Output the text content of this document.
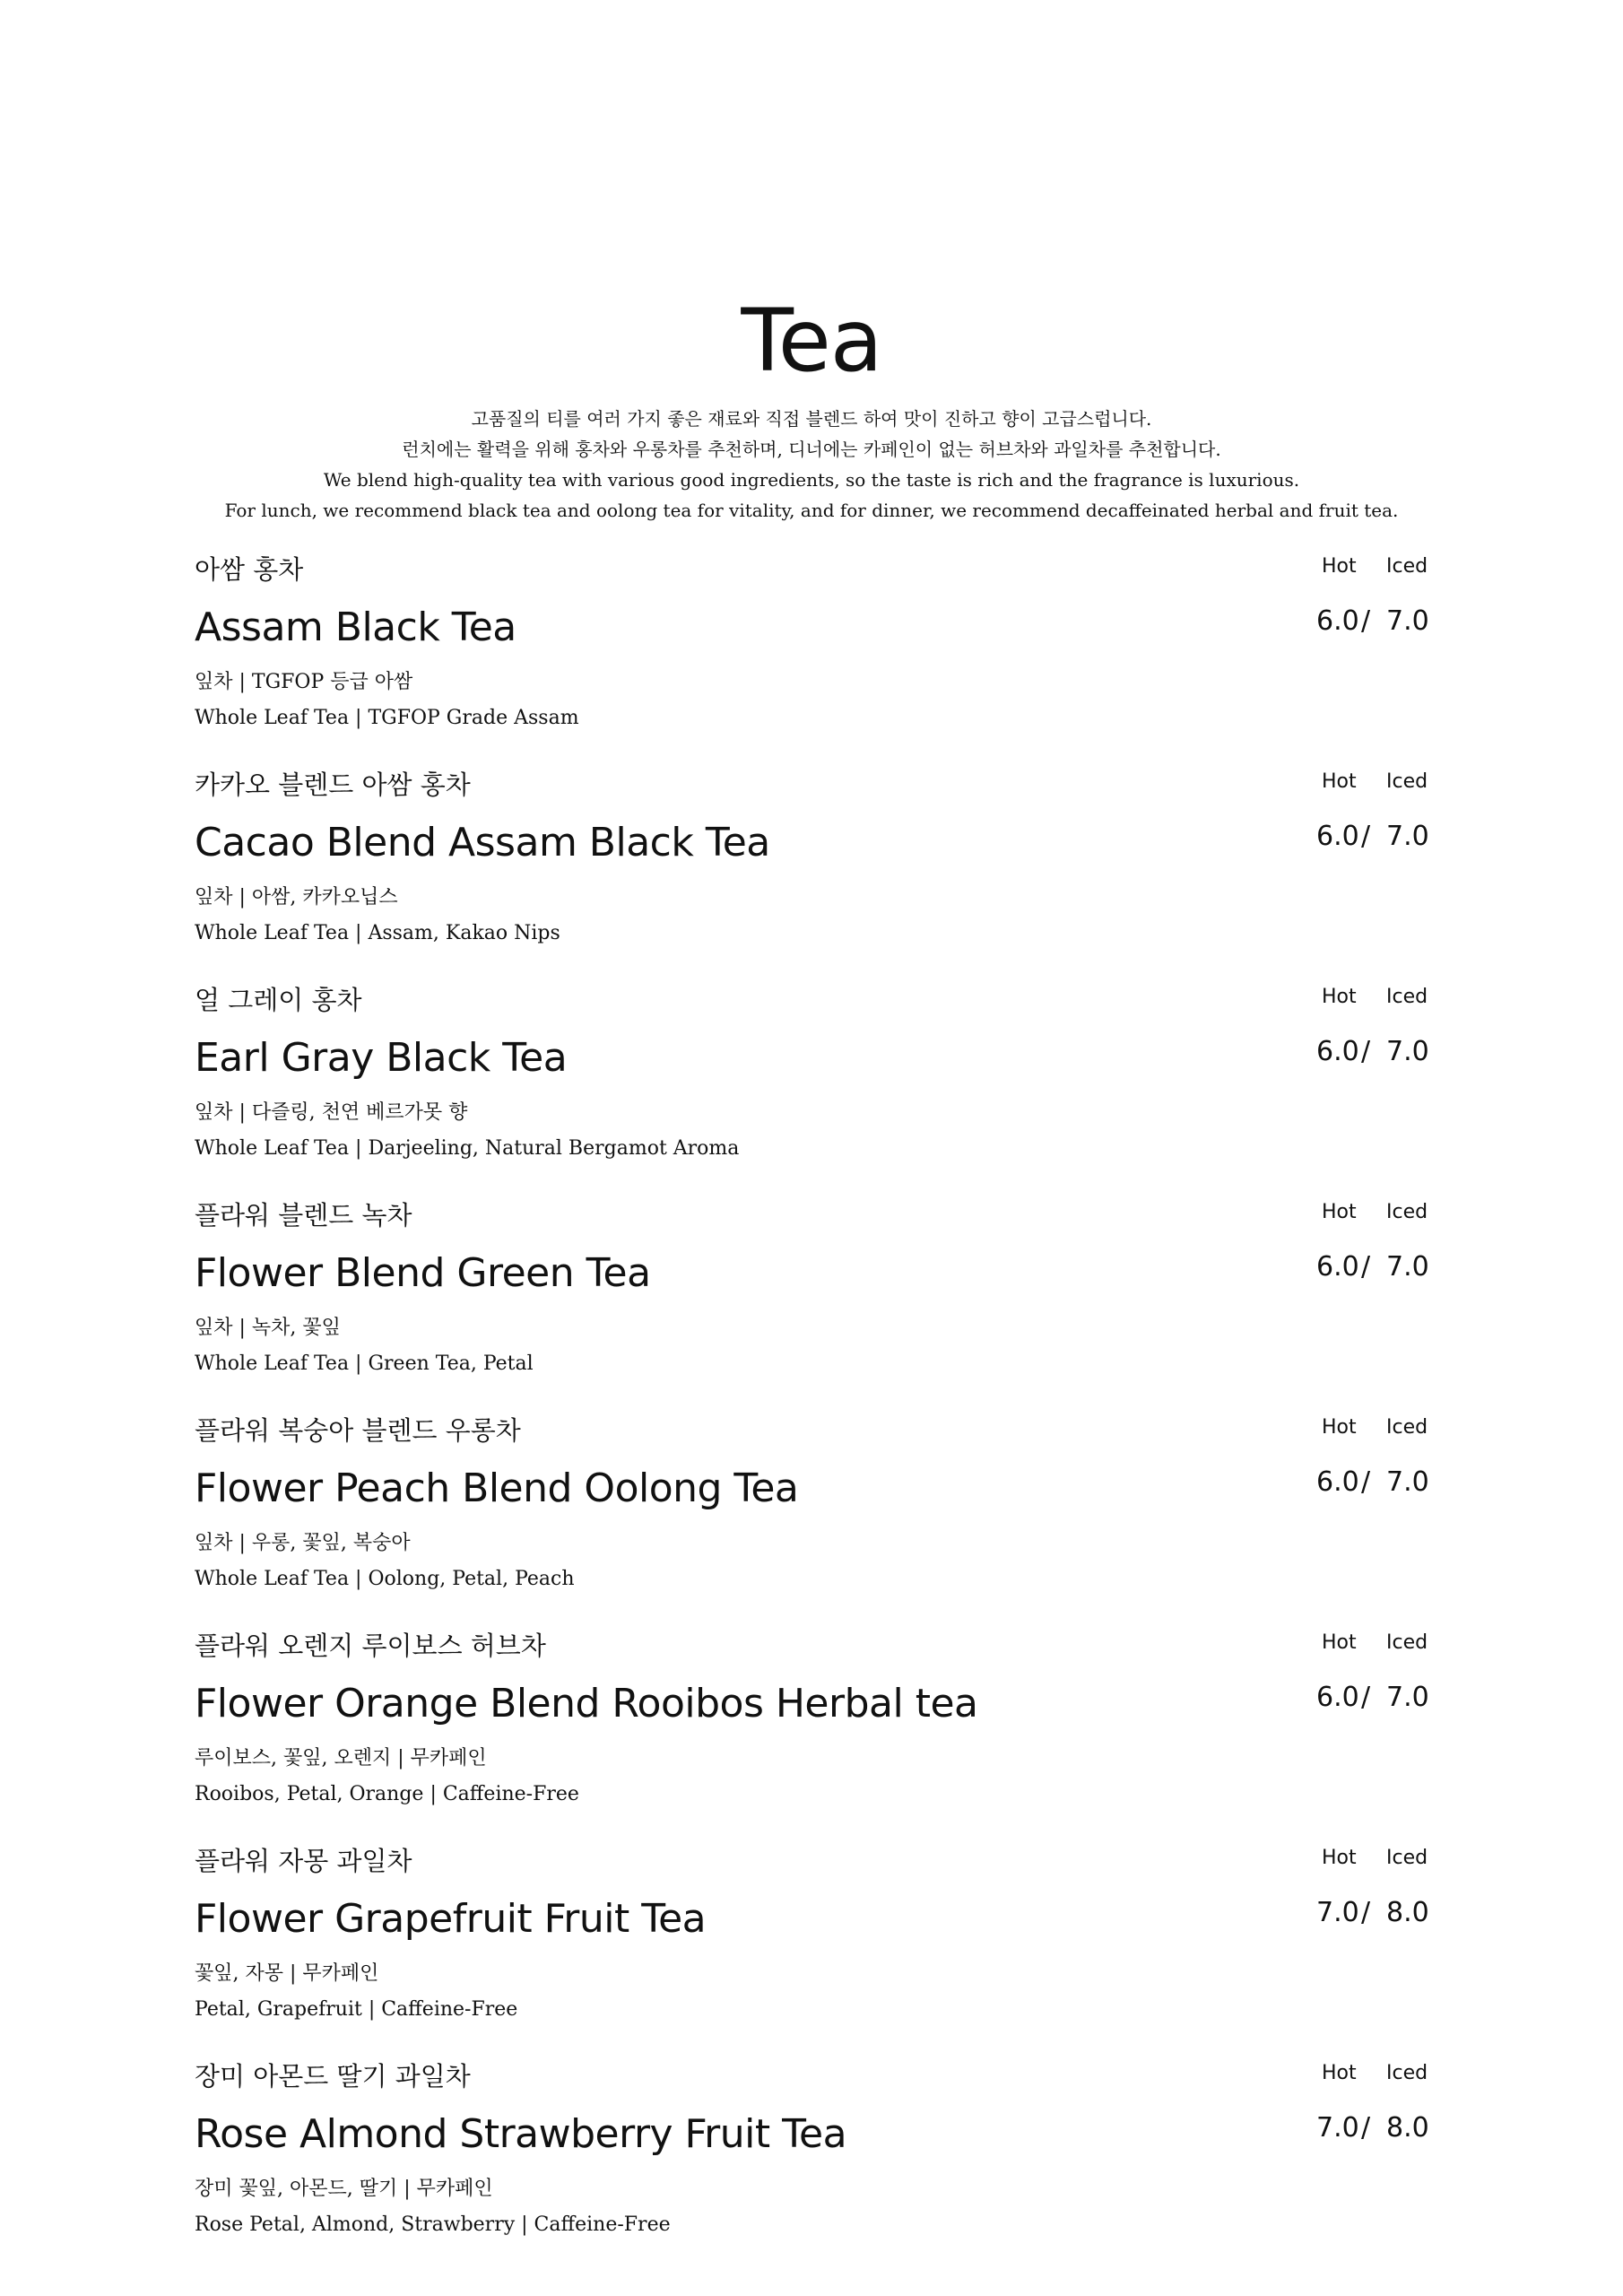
Tea

고품질의 티를 여러 가지 좋은 재료와 직접 블렌드 하여 맛이 진하고 향이 고급스럽니다.

런치에는 활력을 위해 홍차와 우롱차를 추천하며, 디너에는 카페인이 없는 허브차와 과일차를 추천합니다.

We blend high-quality tea with various good ingredients, so the taste is rich and the fragrance is luxurious.

For lunch, we recommend black tea and oolong tea for vitality, and for dinner, we recommend decaffeinated herbal and fruit tea.

아쌈 홍차
Assam Black Tea
잎차 | TGFOP 등급 아쌈
Whole Leaf Tea | TGFOP Grade Assam
Hot Iced
6.0 / 7.0
카카오 블렌드 아쌈 홍차
Cacao Blend Assam Black Tea
잎차 | 아쌈, 카카오닙스
Whole Leaf Tea | Assam, Kakao Nips
Hot Iced
6.0 / 7.0
얼 그레이 홍차
Earl Gray Black Tea
잎차 | 다즐링, 천연 베르가못 향
Whole Leaf Tea | Darjeeling, Natural Bergamot Aroma
Hot Iced
6.0 / 7.0
플라워 블렌드 녹차
Flower Blend Green Tea
잎차 | 녹차, 꽃잎
Whole Leaf Tea | Green Tea, Petal
Hot Iced
6.0 / 7.0
플라워 복숭아 블렌드 우롱차
Flower Peach Blend Oolong Tea
잎차 | 우롱, 꽃잎, 복숭아
Whole Leaf Tea | Oolong, Petal, Peach
Hot Iced
6.0 / 7.0
플라워 오렌지 루이보스 허브차
Flower Orange Blend Rooibos Herbal tea
루이보스, 꽃잎, 오렌지 | 무카페인
Rooibos, Petal, Orange | Caffeine-Free
Hot Iced
6.0 / 7.0
플라워 자몽 과일차
Flower Grapefruit Fruit Tea
꽃잎, 자몽 | 무카페인
Petal, Grapefruit | Caffeine-Free
Hot Iced
7.0 / 8.0
장미 아몬드 딸기 과일차
Rose Almond Strawberry Fruit Tea
장미 꽃잎, 아몬드, 딸기 | 무카페인
Rose Petal, Almond, Strawberry | Caffeine-Free
Hot Iced
7.0 / 8.0
